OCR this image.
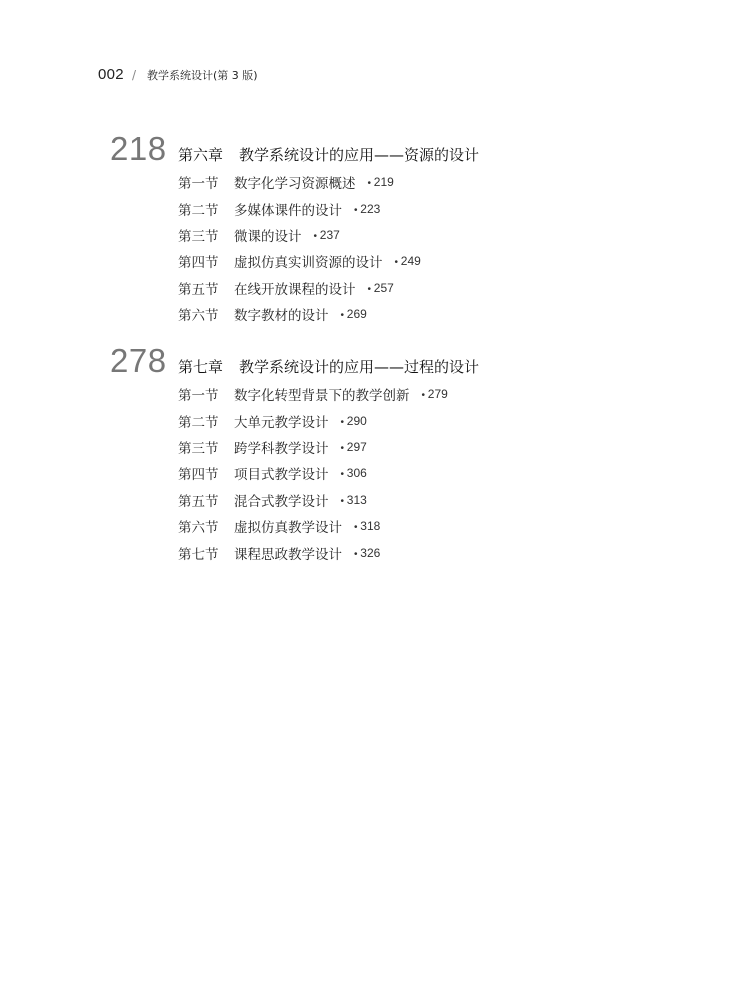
002 / 教学系统设计(第 3 版)
218 第六章 教学系统设计的应用——资源的设计
第一节	数字化学习资源概述	• 219
第二节	多媒体课件的设计	• 223
第三节	微课的设计	• 237
第四节	虚拟仿真实训资源的设计	• 249
第五节	在线开放课程的设计	• 257
第六节	数字教材的设计	• 269
278 第七章 教学系统设计的应用——过程的设计
第一节	数字化转型背景下的教学创新	• 279
第二节	大单元教学设计	• 290
第三节	跨学科教学设计	• 297
第四节	项目式教学设计	• 306
第五节	混合式教学设计	• 313
第六节	虚拟仿真教学设计	• 318
第七节	课程思政教学设计	• 326
